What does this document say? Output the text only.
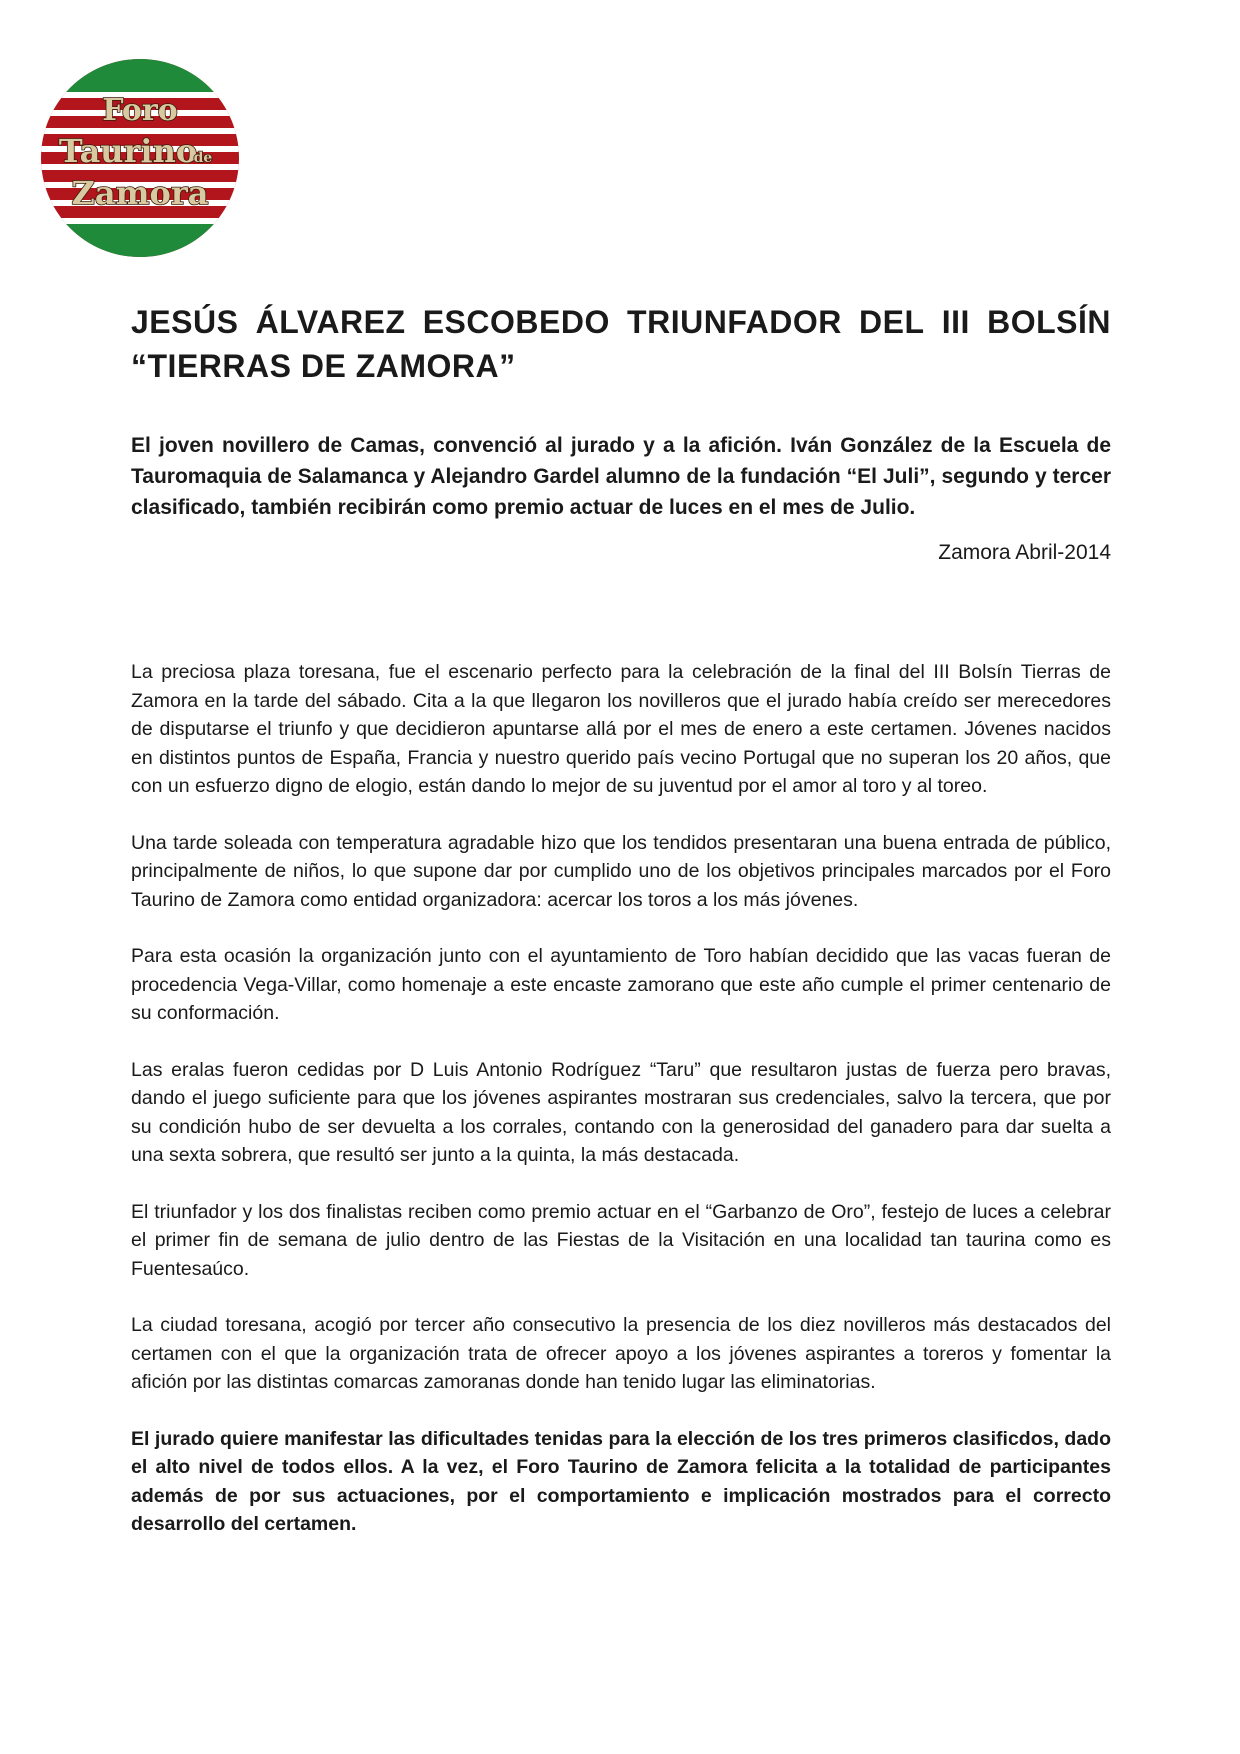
Foro
Taurino
de
Zamora
JESÚS ÁLVAREZ ESCOBEDO TRIUNFADOR DEL III BOLSÍN
“TIERRAS DE ZAMORA”

El joven novillero de Camas, convenció al jurado y a la afición. Iván González de la Escuela de Tauromaquia de Salamanca y Alejandro Gardel alumno de la fundación “El Juli”, segundo y tercer clasificado, también recibirán como premio actuar de luces en el mes de Julio.

Zamora Abril-2014

La preciosa plaza toresana, fue el escenario perfecto para la celebración de la final del III Bolsín Tierras de Zamora en la tarde del sábado. Cita a la que llegaron los novilleros que el jurado había creído ser merecedores de disputarse el triunfo y que decidieron apuntarse allá por el mes de enero a este certamen. Jóvenes nacidos en distintos puntos de España, Francia y nuestro querido país vecino Portugal que no superan los 20 años, que con un esfuerzo digno de elogio, están dando lo mejor de su juventud por el amor al toro y al toreo.

Una tarde soleada con temperatura agradable hizo que los tendidos presentaran una buena entrada de público, principalmente de niños, lo que supone dar por cumplido uno de los objetivos principales marcados por el Foro Taurino de Zamora como entidad organizadora: acercar los toros a los más jóvenes.

Para esta ocasión la organización junto con el ayuntamiento de Toro habían decidido que las vacas fueran de procedencia Vega-Villar, como homenaje a este encaste zamorano que este año cumple el primer centenario de su conformación.

Las eralas fueron cedidas por D Luis Antonio Rodríguez “Taru” que resultaron justas de fuerza pero bravas, dando el juego suficiente para que los jóvenes aspirantes mostraran sus credenciales, salvo la tercera, que por su condición hubo de ser devuelta a los corrales, contando con la generosidad del ganadero para dar suelta a una sexta sobrera, que resultó ser junto a la quinta, la más destacada.

El triunfador y los dos finalistas reciben como premio actuar en el “Garbanzo de Oro”, festejo de luces a celebrar el primer fin de semana de julio dentro de las Fiestas de la Visitación en una localidad tan taurina como es Fuentesaúco.

La ciudad toresana, acogió por tercer año consecutivo la presencia de los diez novilleros más destacados del certamen con el que la organización trata de ofrecer apoyo a los jóvenes aspirantes a toreros y fomentar la afición por las distintas comarcas zamoranas donde han tenido lugar las eliminatorias.

El jurado quiere manifestar las dificultades tenidas para la elección de los tres primeros clasificdos, dado el alto nivel de todos ellos. A la vez, el Foro Taurino de Zamora felicita a la totalidad de participantes además de por sus actuaciones, por el comportamiento e implicación mostrados para el correcto desarrollo del certamen.
